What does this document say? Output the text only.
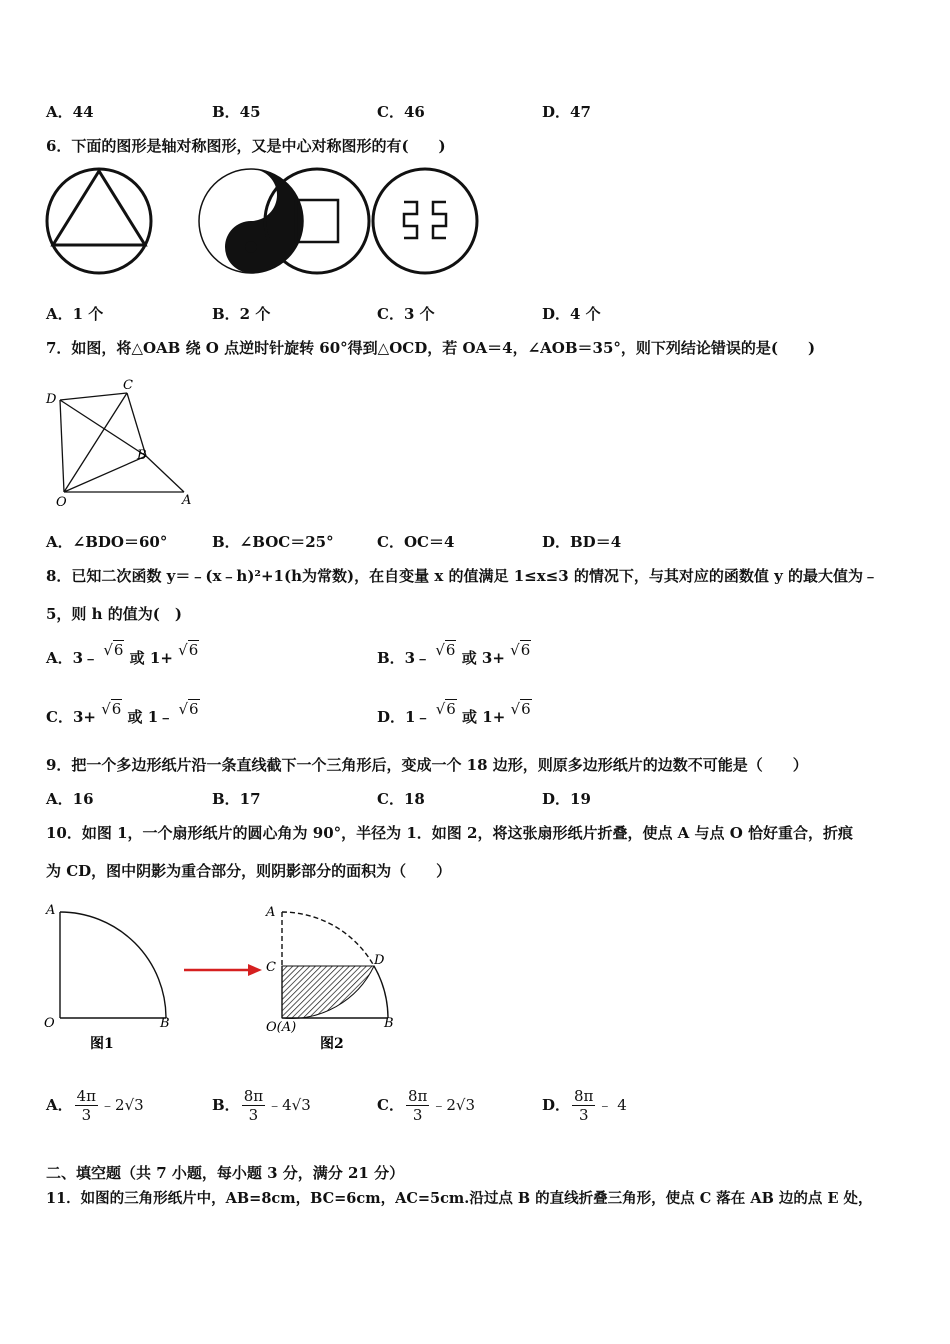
A．44	B．45	C．46	D．47
6．下面的图形是轴对称图形，又是中心对称图形的有(　　)
A．1 个	B．2 个	C．3 个	D．4 个
7．如图，将△OAB 绕 O 点逆时针旋转 60°得到△OCD，若 OA＝4，∠AOB＝35°，则下列结论错误的是(　　)
D
C
B
O	A
A．∠BDO＝60°	B．∠BOC＝25°	C．OC＝4	D．BD＝4
8．已知二次函数 y＝﹣(x﹣h)²+1(h为常数)，在自变量 x 的值满足 1≤x≤3 的情况下，与其对应的函数值 y 的最大值为﹣
5，则 h 的值为(　)
A．3﹣ √6 或 1+ √6	B．3﹣ √6 或 3+ √6
C．3+ √6 或 1﹣ √6	D．1﹣ √6 或 1+ √6
9．把一个多边形纸片沿一条直线截下一个三角形后，变成一个 18 边形，则原多边形纸片的边数不可能是（　　）
A．16	B．17	C．18	D．19
10．如图 1，一个扇形纸片的圆心角为 90°，半径为 1．如图 2，将这张扇形纸片折叠，使点 A 与点 O 恰好重合，折痕
为 CD，图中阴影为重合部分，则阴影部分的面积为（　　）
A
O	B
图1
A
C	D
O(A)	B
图2
A． $\frac{4\pi}{3}$ ﹣2√3	B． $\frac{8\pi}{3}$ ﹣4√3	C． $\frac{8\pi}{3}$ ﹣2√3	D． $\frac{8\pi}{3}$ ﹣ 4
二、填空题（共 7 小题，每小题 3 分，满分 21 分）
11．如图的三角形纸片中，AB=8cm，BC=6cm，AC=5cm.沿过点 B 的直线折叠三角形，使点 C 落在 AB 边的点 E 处，
